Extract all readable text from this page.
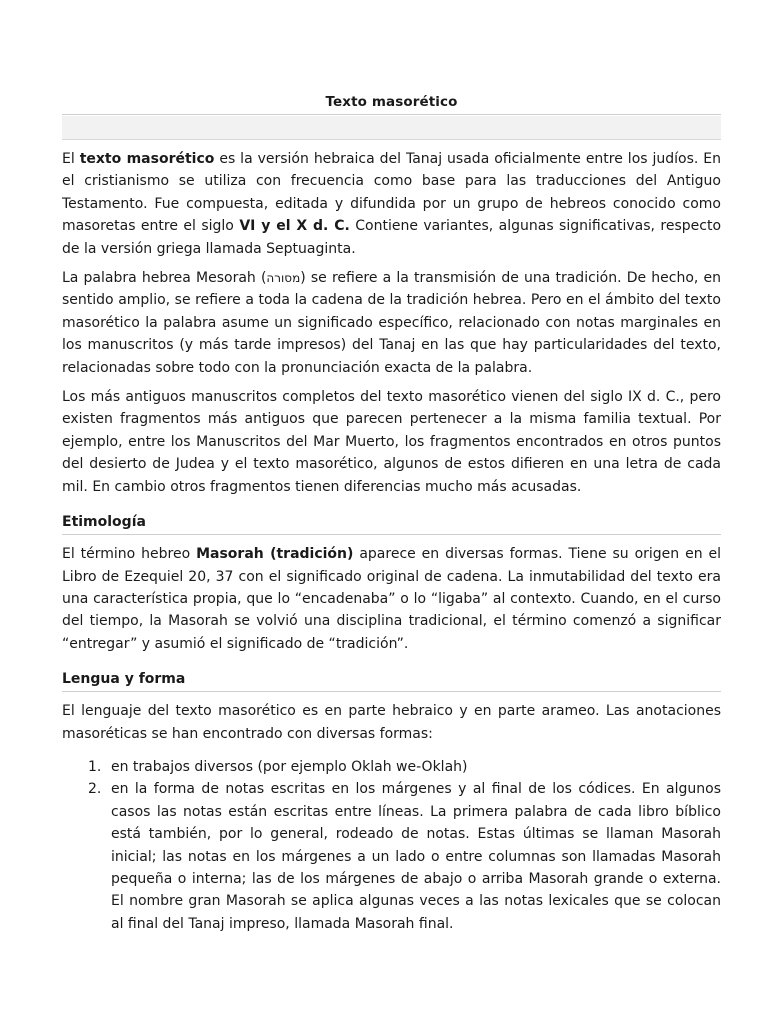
Texto masorético

El texto masorético es la versión hebraica del Tanaj usada oficialmente entre los judíos. En el cristianismo se utiliza con frecuencia como base para las traducciones del Antiguo Testamento. Fue compuesta, editada y difundida por un grupo de hebreos conocido como masoretas entre el siglo VI y el X d. C. Contiene variantes, algunas significativas, respecto de la versión griega llamada Septuaginta.

La palabra hebrea Mesorah (מסורה) se refiere a la transmisión de una tradición. De hecho, en sentido amplio, se refiere a toda la cadena de la tradición hebrea. Pero en el ámbito del texto masorético la palabra asume un significado específico, relacionado con notas marginales en los manuscritos (y más tarde impresos) del Tanaj en las que hay particularidades del texto, relacionadas sobre todo con la pronunciación exacta de la palabra.

Los más antiguos manuscritos completos del texto masorético vienen del siglo IX d. C., pero existen fragmentos más antiguos que parecen pertenecer a la misma familia textual. Por ejemplo, entre los Manuscritos del Mar Muerto, los fragmentos encontrados en otros puntos del desierto de Judea y el texto masorético, algunos de estos difieren en una letra de cada mil. En cambio otros fragmentos tienen diferencias mucho más acusadas.

Etimología

El término hebreo Masorah (tradición) aparece en diversas formas. Tiene su origen en el Libro de Ezequiel 20, 37 con el significado original de cadena. La inmutabilidad del texto era una característica propia, que lo “encadenaba” o lo “ligaba” al contexto. Cuando, en el curso del tiempo, la Masorah se volvió una disciplina tradicional, el término comenzó a significar “entregar” y asumió el significado de “tradición”.

Lengua y forma

El lenguaje del texto masorético es en parte hebraico y en parte arameo. Las anotaciones masoréticas se han encontrado con diversas formas:

1. en trabajos diversos (por ejemplo Oklah we-Oklah)
2. en la forma de notas escritas en los márgenes y al final de los códices. En algunos casos las notas están escritas entre líneas. La primera palabra de cada libro bíblico está también, por lo general, rodeado de notas. Estas últimas se llaman Masorah inicial; las notas en los márgenes a un lado o entre columnas son llamadas Masorah pequeña o interna; las de los márgenes de abajo o arriba Masorah grande o externa. El nombre gran Masorah se aplica algunas veces a las notas lexicales que se colocan al final del Tanaj impreso, llamada Masorah final.
